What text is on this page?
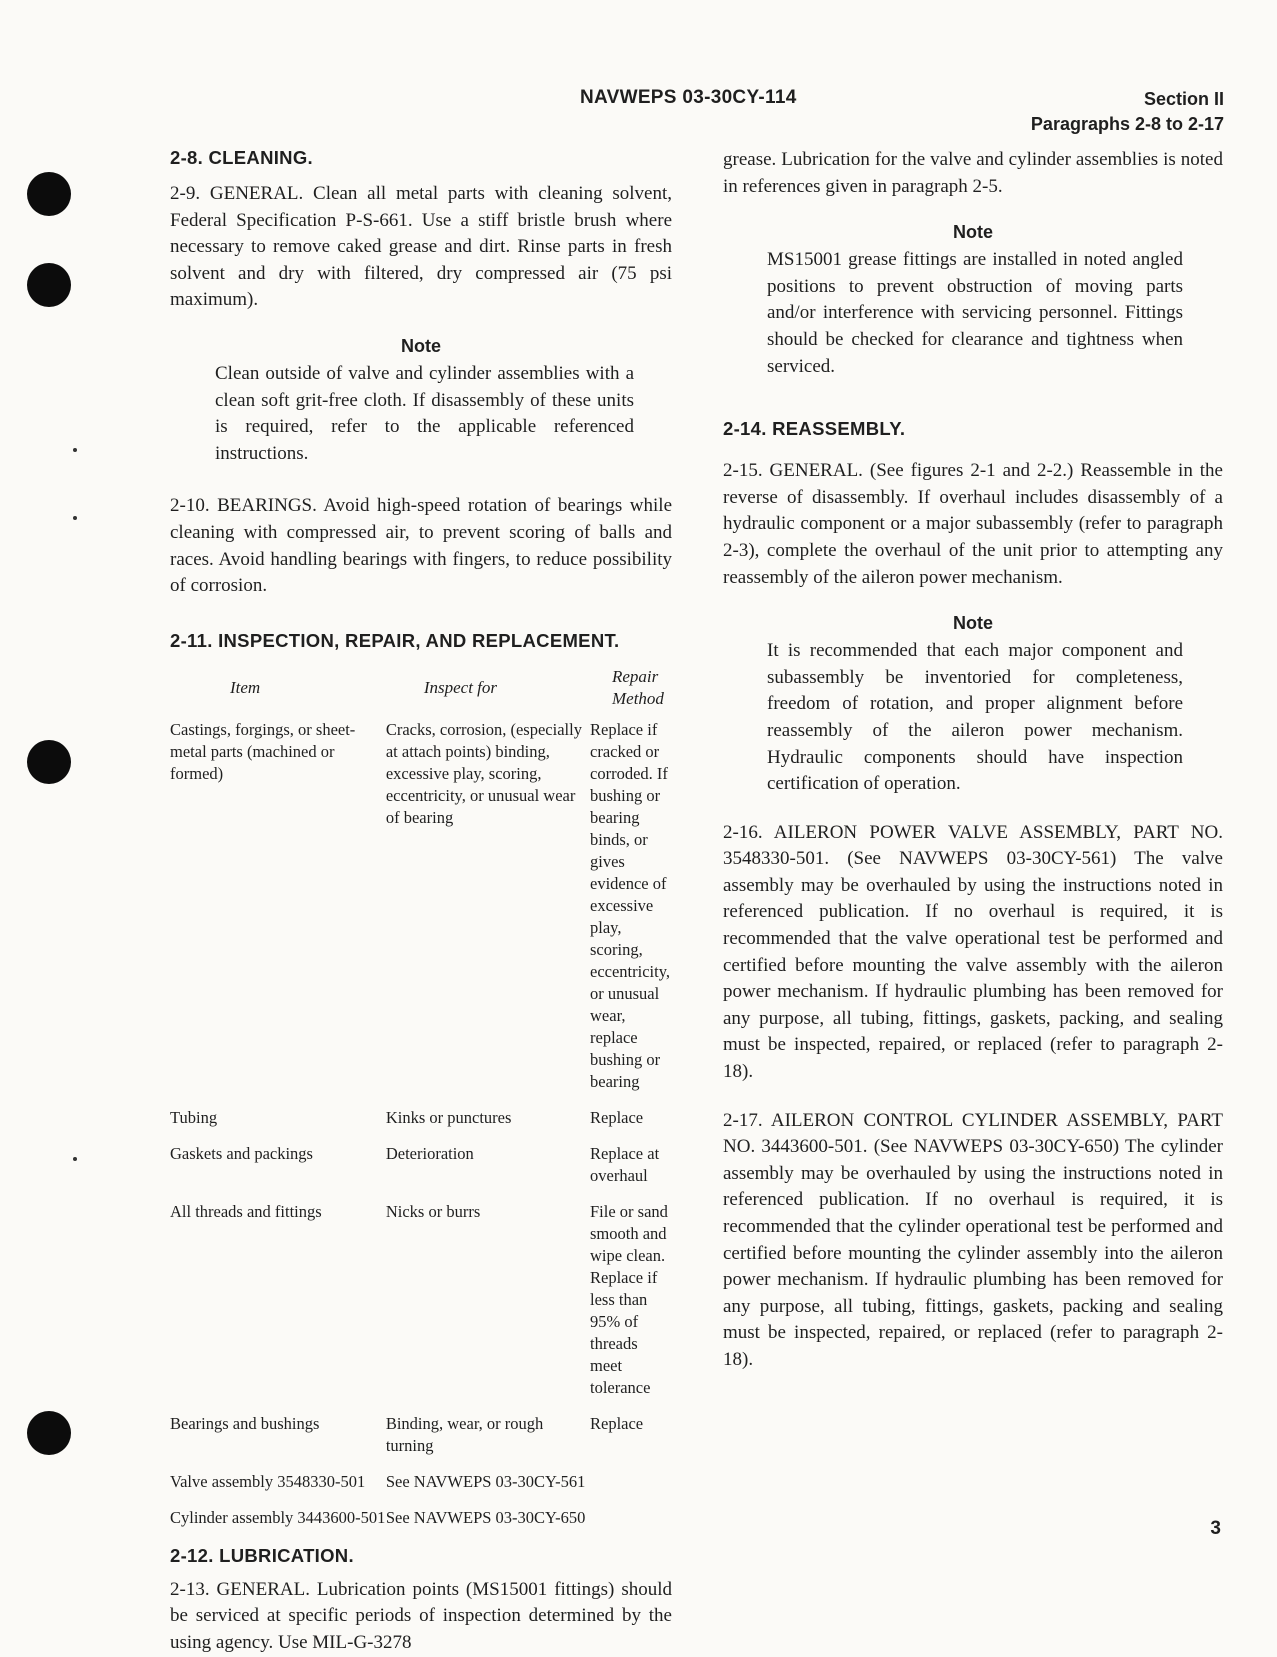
NAVWEPS 03-30CY-114	Section II
Paragraphs 2-8 to 2-17

2-8. CLEANING.

2-9. GENERAL. Clean all metal parts with cleaning solvent, Federal Specification P-S-661. Use a stiff bristle brush where necessary to remove caked grease and dirt. Rinse parts in fresh solvent and dry with filtered, dry compressed air (75 psi maximum).

Note

Clean outside of valve and cylinder assemblies with a clean soft grit-free cloth. If disassembly of these units is required, refer to the applicable referenced instructions.

2-10. BEARINGS. Avoid high-speed rotation of bearings while cleaning with compressed air, to prevent scoring of balls and races. Avoid handling bearings with fingers, to reduce possibility of corrosion.

2-11. INSPECTION, REPAIR, AND REPLACEMENT.

Item	Inspect for	Repair Method
Castings, forgings, or sheet-metal parts (machined or formed)	Cracks, corrosion, (especially at attach points) binding, excessive play, scoring, eccentricity, or unusual wear of bearing	Replace if cracked or corroded. If bushing or bearing binds, or gives evidence of excessive play, scoring, eccentricity, or unusual wear, replace bushing or bearing
Tubing	Kinks or punctures	Replace
Gaskets and packings	Deterioration	Replace at overhaul
All threads and fittings	Nicks or burrs	File or sand smooth and wipe clean. Replace if less than 95% of threads meet tolerance
Bearings and bushings	Binding, wear, or rough turning	Replace
Valve assembly 3548330-501	See NAVWEPS 03-30CY-561	
Cylinder assembly 3443600-501	See NAVWEPS 03-30CY-650	

2-12. LUBRICATION.

2-13. GENERAL. Lubrication points (MS15001 fittings) should be serviced at specific periods of inspection determined by the using agency. Use MIL-G-3278

grease. Lubrication for the valve and cylinder assemblies is noted in references given in paragraph 2-5.

Note

MS15001 grease fittings are installed in noted angled positions to prevent obstruction of moving parts and/or interference with servicing personnel. Fittings should be checked for clearance and tightness when serviced.

2-14. REASSEMBLY.

2-15. GENERAL. (See figures 2-1 and 2-2.) Reassemble in the reverse of disassembly. If overhaul includes disassembly of a hydraulic component or a major subassembly (refer to paragraph 2-3), complete the overhaul of the unit prior to attempting any reassembly of the aileron power mechanism.

Note

It is recommended that each major component and subassembly be inventoried for completeness, freedom of rotation, and proper alignment before reassembly of the aileron power mechanism. Hydraulic components should have inspection certification of operation.

2-16. AILERON POWER VALVE ASSEMBLY, PART NO. 3548330-501. (See NAVWEPS 03-30CY-561) The valve assembly may be overhauled by using the instructions noted in referenced publication. If no overhaul is required, it is recommended that the valve operational test be performed and certified before mounting the valve assembly with the aileron power mechanism. If hydraulic plumbing has been removed for any purpose, all tubing, fittings, gaskets, packing, and sealing must be inspected, repaired, or replaced (refer to paragraph 2-18).

2-17. AILERON CONTROL CYLINDER ASSEMBLY, PART NO. 3443600-501. (See NAVWEPS 03-30CY-650) The cylinder assembly may be overhauled by using the instructions noted in referenced publication. If no overhaul is required, it is recommended that the cylinder operational test be performed and certified before mounting the cylinder assembly into the aileron power mechanism. If hydraulic plumbing has been removed for any purpose, all tubing, fittings, gaskets, packing and sealing must be inspected, repaired, or replaced (refer to paragraph 2-18).

3
